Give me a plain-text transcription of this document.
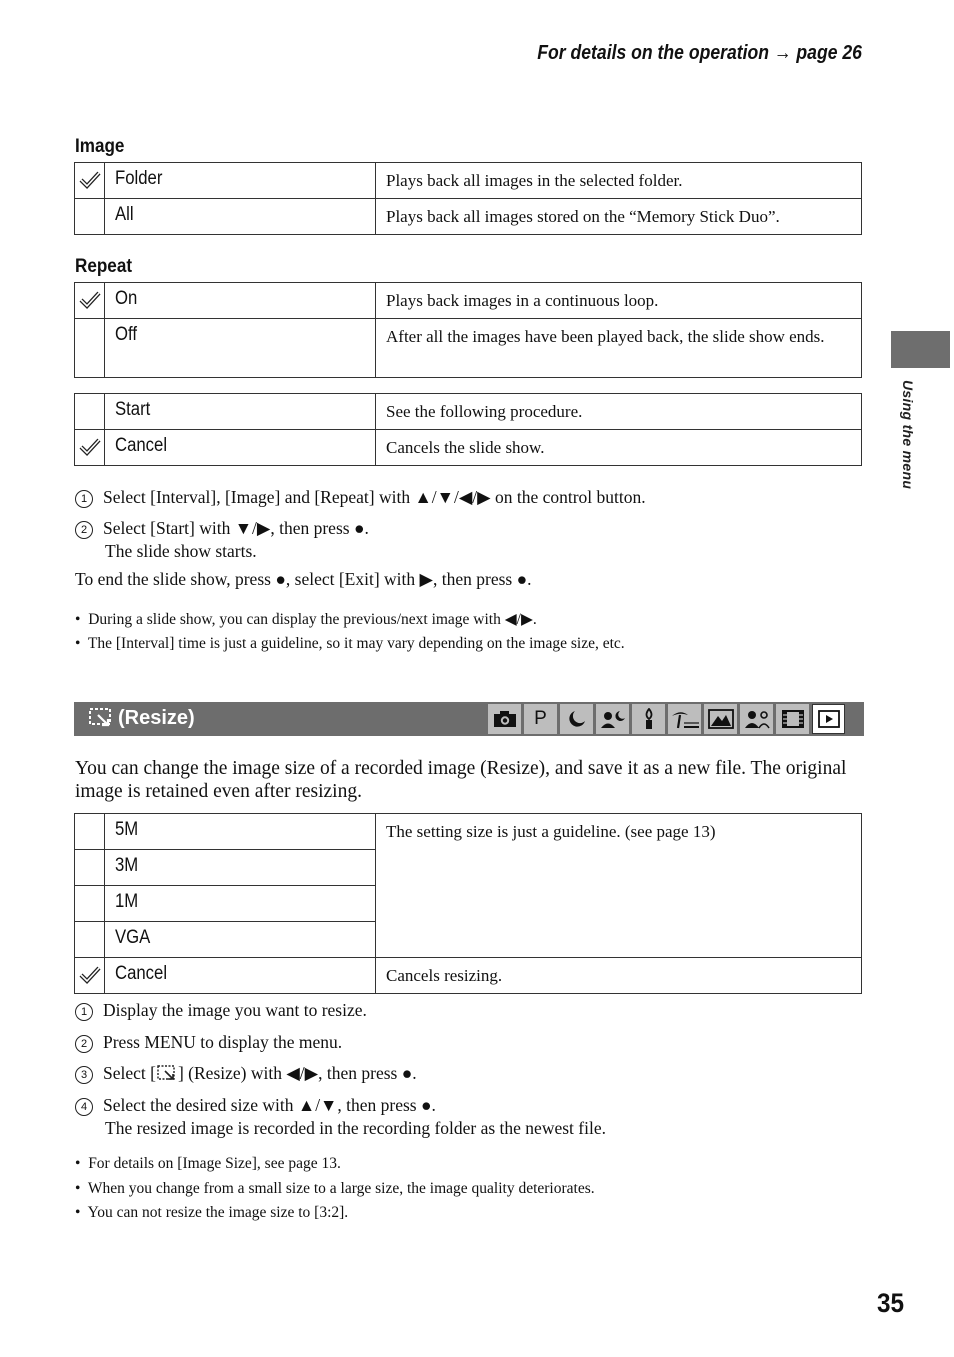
For details on the operation → page 26
Using the menu
Image
	Folder	Plays back all images in the selected folder.
	All	Plays back all images stored on the “Memory Stick Duo”.
Repeat
	On	Plays back images in a continuous loop.
	Off	After all the images have been played back, the slide show ends.
	Start	See the following procedure.
	Cancel	Cancels the slide show.
1 Select [Interval], [Image] and [Repeat] with ▲/▼/◀/▶ on the control button.
2 Select [Start] with ▼/▶, then press ●.
The slide show starts.
To end the slide show, press ●, select [Exit] with ▶, then press ●.
•  During a slide show, you can display the previous/next image with ◀/▶.
•  The [Interval] time is just a guideline, so it may vary depending on the image size, etc.
(Resize)	P
You can change the image size of a recorded image (Resize), and save it as a new file. The original image is retained even after resizing.
	5M	The setting size is just a guideline. (see page 13)
	3M	
	1M	
	VGA	
	Cancel	Cancels resizing.
1 Display the image you want to resize.
2 Press MENU to display the menu.
3 Select [ ] (Resize) with ◀/▶, then press ●.
4 Select the desired size with ▲/▼, then press ●.
The resized image is recorded in the recording folder as the newest file.
•  For details on [Image Size], see page 13.
•  When you change from a small size to a large size, the image quality deteriorates.
•  You can not resize the image size to [3:2].
35
